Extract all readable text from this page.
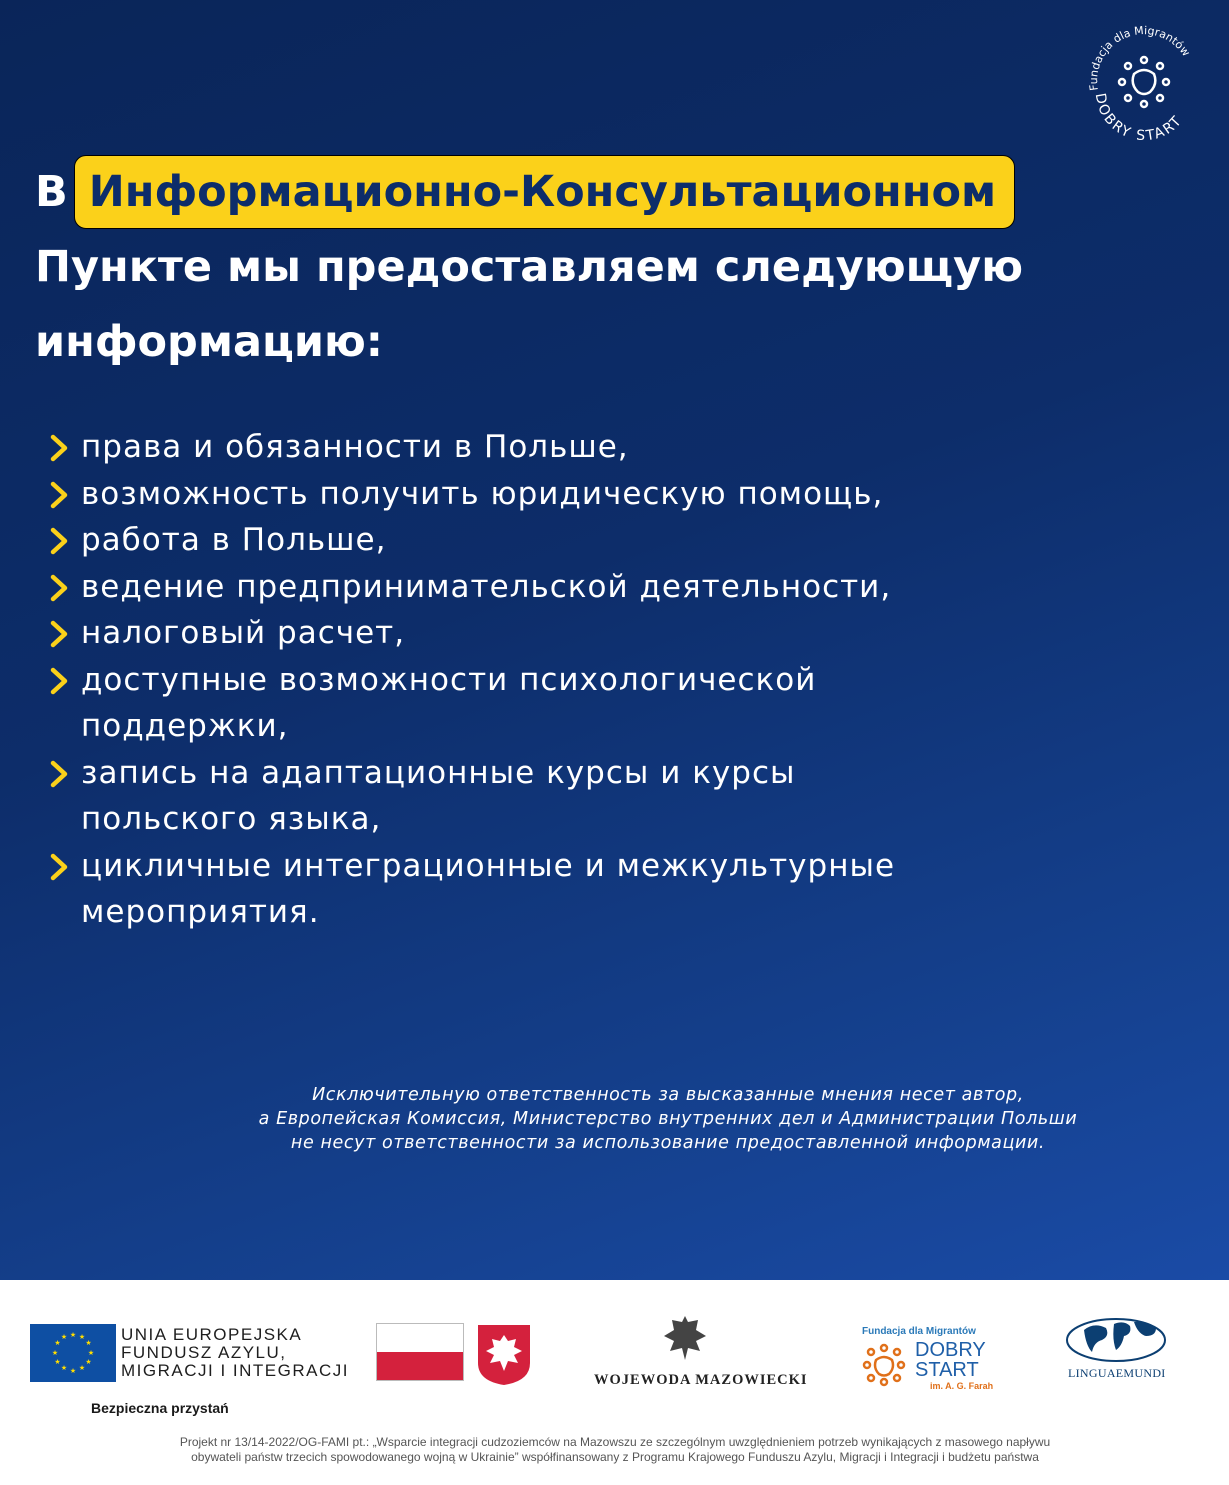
Fundacja dla Migrantów
DOBRY START
В Информационно-Консультационном
Пункте мы предоставляем следующую
информацию:
права и обязанности в Польше,
возможность получить юридическую помощь,
работа в Польше,
ведение предпринимательской деятельности,
налоговый расчет,
доступные возможности психологической
поддержки,
запись на адаптационные курсы и курсы
польского языка,
цикличные интеграционные и межкультурные
мероприятия.
Исключительную ответственность за высказанные мнения несет автор,
а Европейская Комиссия, Министерство внутренних дел и Администрации Польши
не несут ответственности за использование предоставленной информации.
★ ★
★
★
★
★
★
★
★
★
★
★	UNIA EUROPEJSKA
FUNDUSZ AZYLU,
MIGRACJI I INTEGRACJI
Bezpieczna przystań
WOJEWODA MAZOWIECKI
Fundacja dla Migrantów
DOBRY
START
im. A. G. Farah
LINGUAEMUNDI
Projekt nr 13/14-2022/OG-FAMI pt.: „Wsparcie integracji cudzoziemców na Mazowszu ze szczególnym uwzględnieniem potrzeb wynikających z masowego napływu
obywateli państw trzecich spowodowanego wojną w Ukrainie” współfinansowany z Programu Krajowego Funduszu Azylu, Migracji i Integracji i budżetu państwa
